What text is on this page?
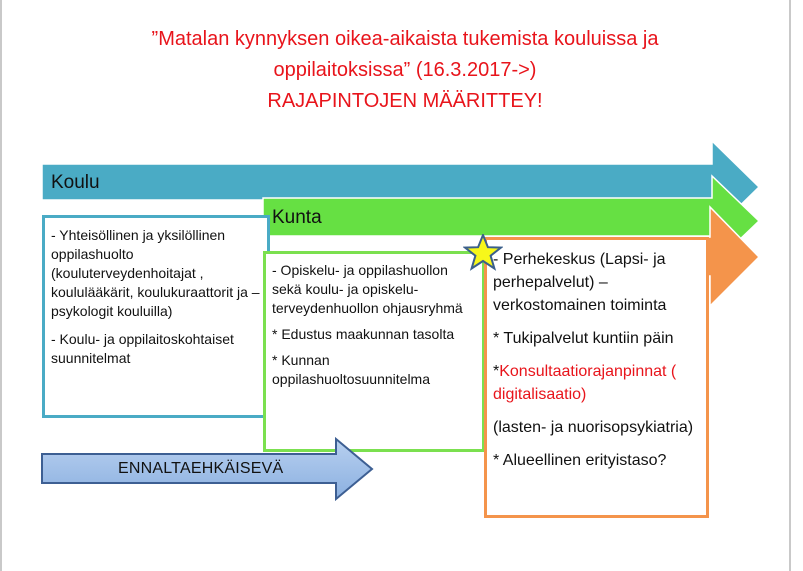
”Matalan kynnyksen oikea-aikaista tukemista kouluissa ja
oppilaitoksissa” (16.3.2017->)
RAJAPINTOJEN MÄÄRITTEY!
Koulu
Kunta

- Yhteisöllinen ja yksilöllinen oppilashuolto (kouluterveydenhoitajat , koululääkärit, koulukuraattorit ja – psykologit kouluilla)

- Koulu- ja oppilaitoskohtaiset suunnitelmat

- Opiskelu- ja oppilashuollon sekä koulu- ja opiskelu-terveydenhuollon ohjausryhmä

* Edustus maakunnan tasolta

* Kunnan oppilashuoltosuunnitelma

- Perhekeskus (Lapsi- ja perhepalvelut) – verkostomainen toiminta

* Tukipalvelut kuntiin päin

*Konsultaatiorajanpinnat ( digitalisaatio)

(lasten- ja nuorisopsykiatria)

* Alueellinen erityistaso?

ENNALTAEHKÄISEVÄ
